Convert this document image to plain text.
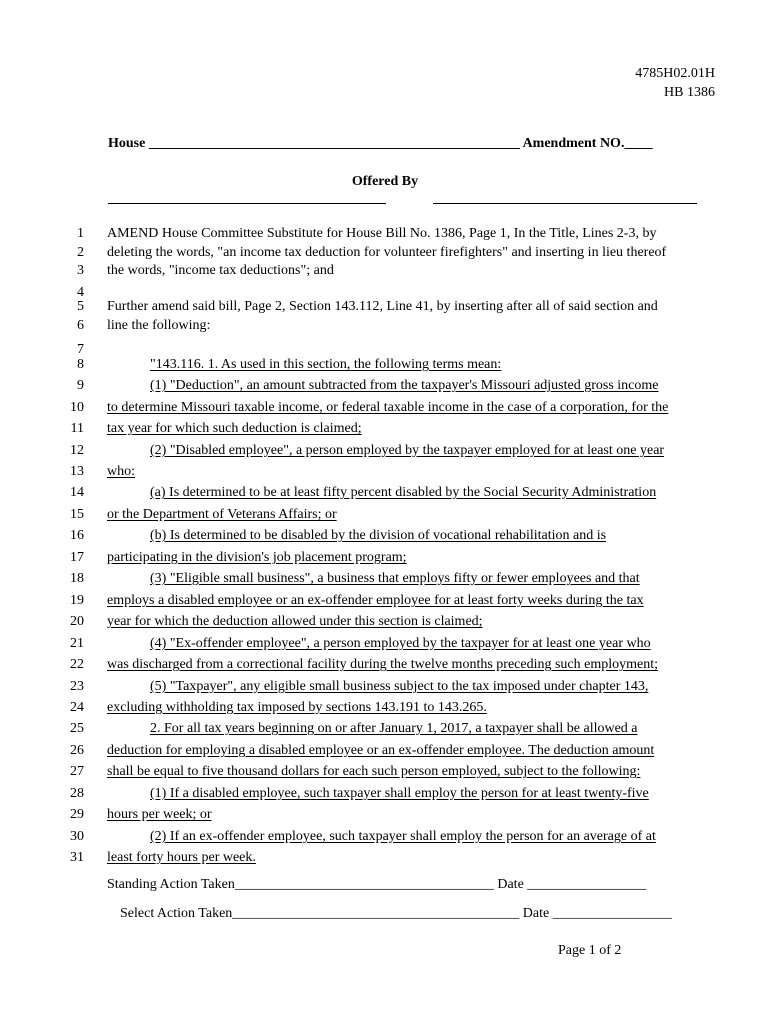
4785H02.01H
HB 1386
House _____________________________________________________ Amendment NO.____
Offered By
1 AMEND House Committee Substitute for House Bill No. 1386, Page 1, In the Title, Lines 2-3, by
2 deleting the words, "an income tax deduction for volunteer firefighters" and inserting in lieu thereof
3 the words, "income tax deductions"; and
4
5 Further amend said bill, Page 2, Section 143.112, Line 41, by inserting after all of said section and
6 line the following:
7
8	"143.116. 1. As used in this section, the following terms mean:
9	(1) "Deduction", an amount subtracted from the taxpayer's Missouri adjusted gross income
10 to determine Missouri taxable income, or federal taxable income in the case of a corporation, for the
11 tax year for which such deduction is claimed;
12	(2) "Disabled employee", a person employed by the taxpayer employed for at least one year
13 who:
14	(a) Is determined to be at least fifty percent disabled by the Social Security Administration
15 or the Department of Veterans Affairs; or
16	(b) Is determined to be disabled by the division of vocational rehabilitation and is
17 participating in the division's job placement program;
18	(3) "Eligible small business", a business that employs fifty or fewer employees and that
19 employs a disabled employee or an ex-offender employee for at least forty weeks during the tax
20 year for which the deduction allowed under this section is claimed;
21	(4) "Ex-offender employee", a person employed by the taxpayer for at least one year who
22 was discharged from a correctional facility during the twelve months preceding such employment;
23	(5) "Taxpayer", any eligible small business subject to the tax imposed under chapter 143,
24 excluding withholding tax imposed by sections 143.191 to 143.265.
25	2. For all tax years beginning on or after January 1, 2017, a taxpayer shall be allowed a
26 deduction for employing a disabled employee or an ex-offender employee. The deduction amount
27 shall be equal to five thousand dollars for each such person employed, subject to the following:
28	(1) If a disabled employee, such taxpayer shall employ the person for at least twenty-five
29 hours per week; or
30	(2) If an ex-offender employee, such taxpayer shall employ the person for an average of at
31 least forty hours per week.
Standing Action Taken_____________________________________ Date _________________
Select Action Taken_________________________________________ Date _________________
Page 1 of 2
